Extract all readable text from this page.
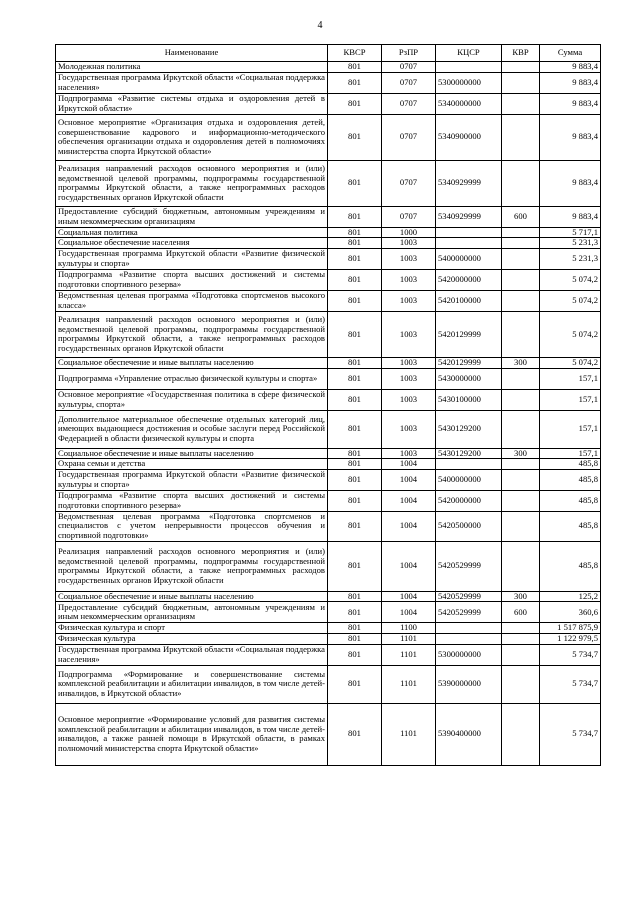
4
Наименование	КВСР	РзПР	КЦСР	КВР	Сумма
Молодежная политика	801	0707			9 883,4
Государственная программа Иркутской области «Социальная поддержка населения»	801	0707	5300000000		9 883,4
Подпрограмма «Развитие системы отдыха и оздоровления детей в Иркутской области»	801	0707	5340000000		9 883,4
Основное мероприятие «Организация отдыха и оздоровления детей, совершенствование кадрового и информационно-методического обеспечения организации отдыха и оздоровления детей в полномочиях министерства спорта Иркутской области»	801	0707	5340900000		9 883,4
Реализация направлений расходов основного мероприятия и (или) ведомственной целевой программы, подпрограммы государственной программы Иркутской области, а также непрограммных расходов государственных органов Иркутской области	801	0707	5340929999		9 883,4
Предоставление субсидий бюджетным, автономным учреждениям и иным некоммерческим организациям	801	0707	5340929999	600	9 883,4
Социальная политика	801	1000			5 717,1
Социальное обеспечение населения	801	1003			5 231,3
Государственная программа Иркутской области «Развитие физической культуры и спорта»	801	1003	5400000000		5 231,3
Подпрограмма «Развитие спорта высших достижений и системы подготовки спортивного резерва»	801	1003	5420000000		5 074,2
Ведомственная целевая программа «Подготовка спортсменов высокого класса»	801	1003	5420100000		5 074,2
Реализация направлений расходов основного мероприятия и (или) ведомственной целевой программы, подпрограммы государственной программы Иркутской области, а также непрограммных расходов государственных органов Иркутской области	801	1003	5420129999		5 074,2
Социальное обеспечение и иные выплаты населению	801	1003	5420129999	300	5 074,2
Подпрограмма «Управление отраслью физической культуры и спорта»	801	1003	5430000000		157,1
Основное мероприятие «Государственная политика в сфере физической культуры, спорта»	801	1003	5430100000		157,1
Дополнительное материальное обеспечение отдельных категорий лиц, имеющих выдающиеся достижения и особые заслуги перед Российской Федерацией в области физической культуры и спорта	801	1003	5430129200		157,1
Социальное обеспечение и иные выплаты населению	801	1003	5430129200	300	157,1
Охрана семьи и детства	801	1004			485,8
Государственная программа Иркутской области «Развитие физической культуры и спорта»	801	1004	5400000000		485,8
Подпрограмма «Развитие спорта высших достижений и системы подготовки спортивного резерва»	801	1004	5420000000		485,8
Ведомственная целевая программа «Подготовка спортсменов и специалистов с учетом непрерывности процессов обучения и спортивной подготовки»	801	1004	5420500000		485,8
Реализация направлений расходов основного мероприятия и (или) ведомственной целевой программы, подпрограммы государственной программы Иркутской области, а также непрограммных расходов государственных органов Иркутской области	801	1004	5420529999		485,8
Социальное обеспечение и иные выплаты населению	801	1004	5420529999	300	125,2
Предоставление субсидий бюджетным, автономным учреждениям и иным некоммерческим организациям	801	1004	5420529999	600	360,6
Физическая культура и спорт	801	1100			1 517 875,9
Физическая культура	801	1101			1 122 979,5
Государственная программа Иркутской области «Социальная поддержка населения»	801	1101	5300000000		5 734,7
Подпрограмма «Формирование и совершенствование системы комплексной реабилитации и абилитации инвалидов, в том числе детей-инвалидов, в Иркутской области»	801	1101	5390000000		5 734,7
Основное мероприятие «Формирование условий для развития системы комплексной реабилитации и абилитации инвалидов, в том числе детей-инвалидов, а также ранней помощи в Иркутской области, в рамках полномочий министерства спорта Иркутской области»	801	1101	5390400000		5 734,7
